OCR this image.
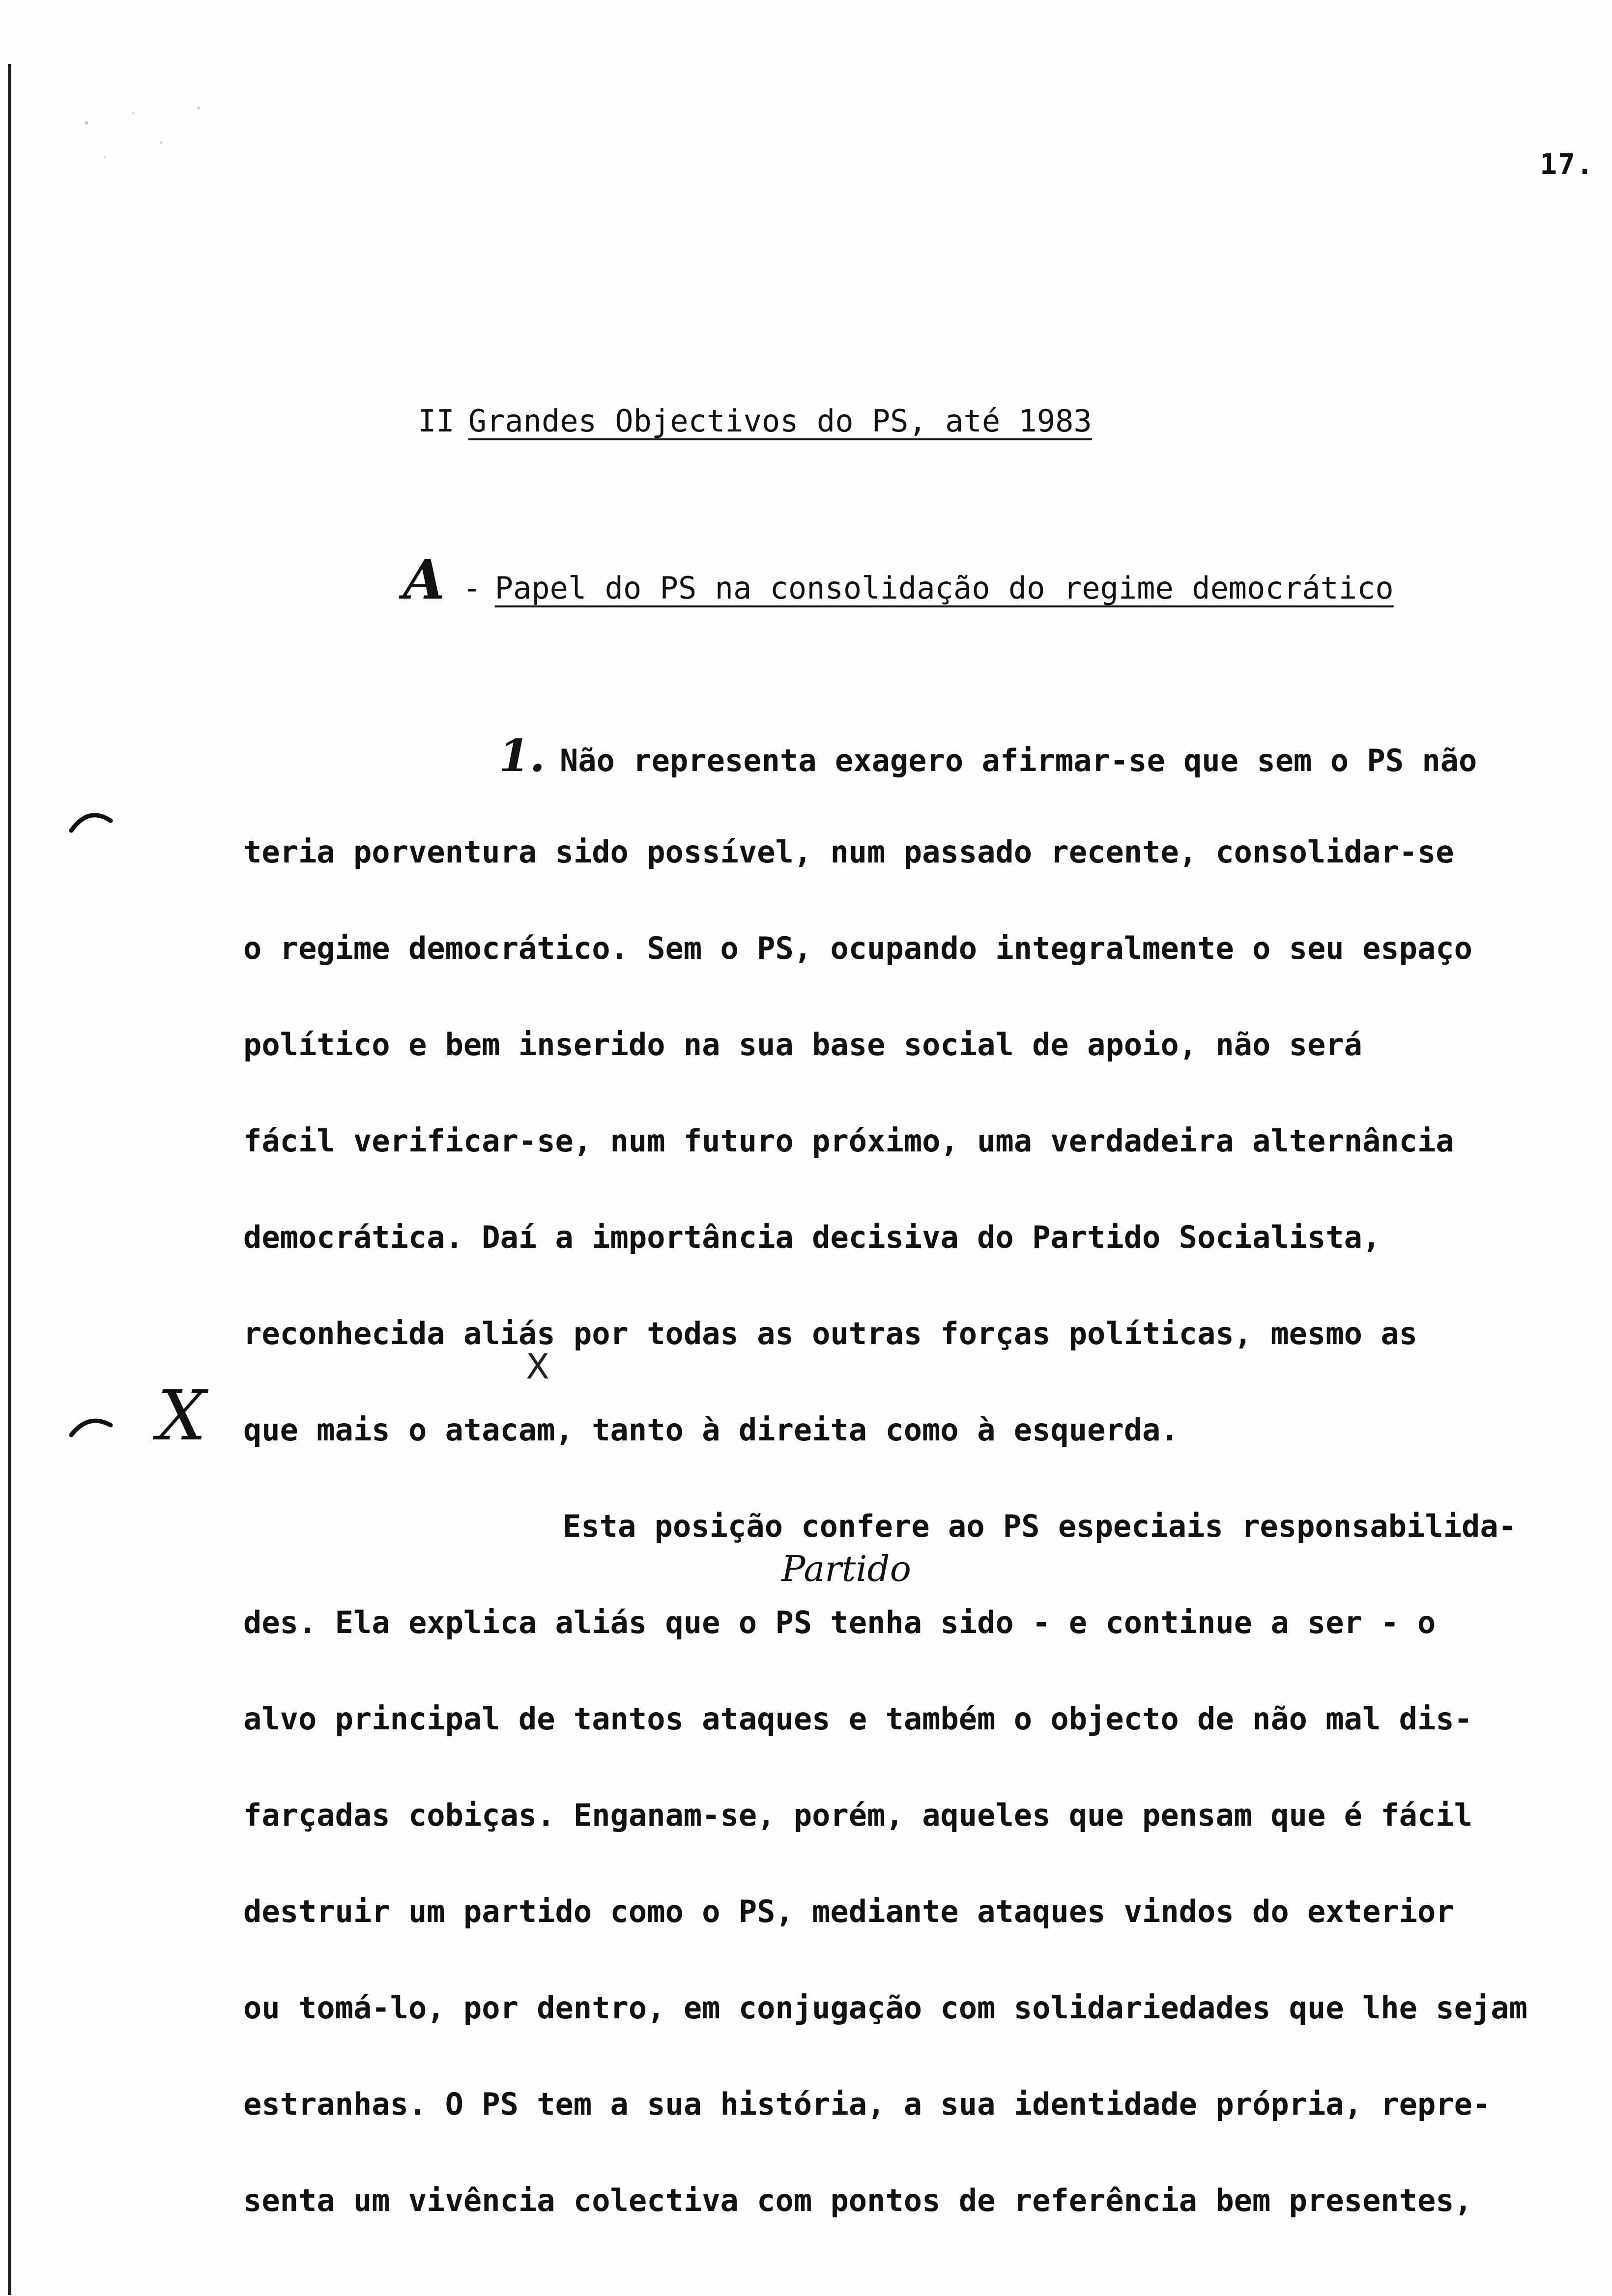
17.
II Grandes Objectivos do PS, até 1983
A - Papel do PS na consolidação do regime democrático
X
1. Não representa exagero afirmar-se que sem o PS não
teria porventura sido possível, num passado recente, consolidar-se
o regime democrático. Sem o PS, ocupando integralmente o seu espaço
político e bem inserido na sua base social de apoio, não será
fácil verificar-se, num futuro próximo, uma verdadeira alternância
democrática. Daí a importância decisiva do Partido Socialista,
reconhecida aliás por todas as outras forças políticas, mesmo as
que mais o atacam, tanto à direita como à esquerda.
Esta posição confere ao PS especiais responsabilida-
des. Ela explica aliás que o PS tenha sido - e continue a ser - o
alvo principal de tantos ataques e também o objecto de não mal dis-
farçadas cobiças. Enganam-se, porém, aqueles que pensam que é fácil
destruir um partido como o PS, mediante ataques vindos do exterior
ou tomá-lo, por dentro, em conjugação com solidariedades que lhe sejam
estranhas. O PS tem a sua história, a sua identidade própria, repre-
senta um vivência colectiva com pontos de referência bem presentes,
Partido
X
